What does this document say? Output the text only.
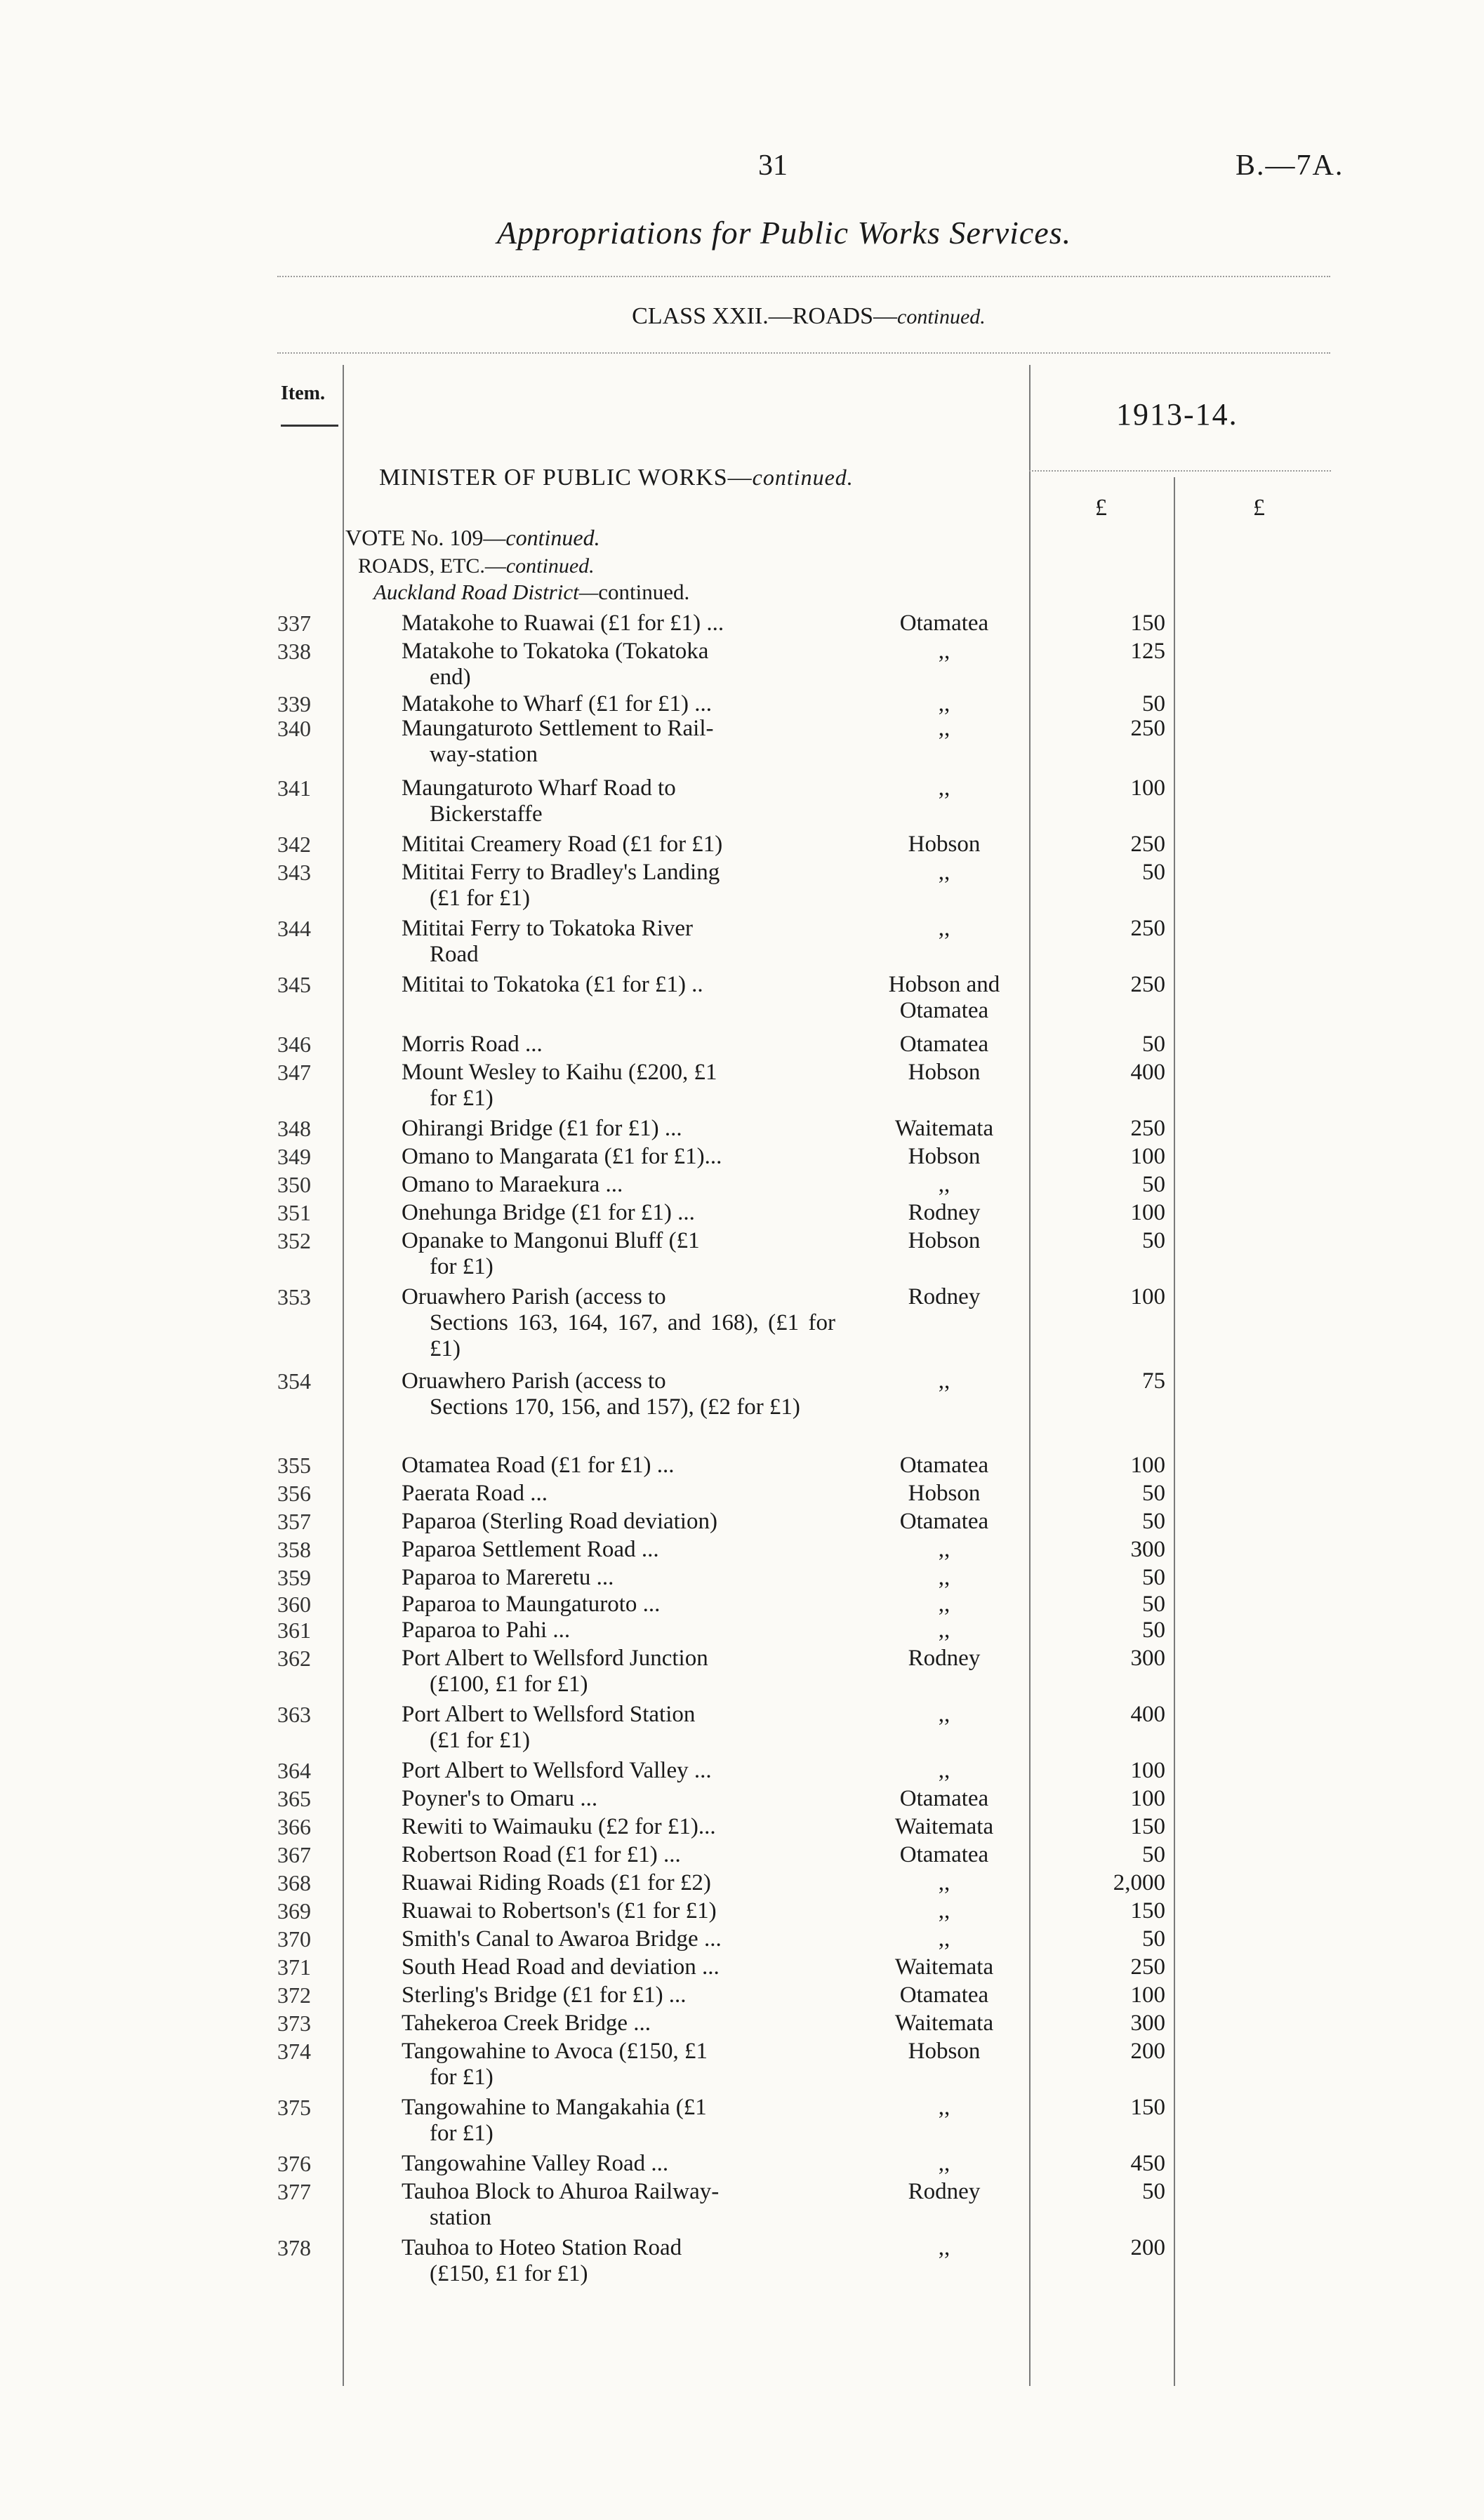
31	B.—7A.
Appropriations for Public Works Services.
CLASS XXII.—ROADS—continued.
Item.
1913-14.
£	£
MINISTER OF PUBLIC WORKS—continued.
VOTE No. 109—continued.
ROADS, ETC.—continued.
Auckland Road District—continued.
337	Matakohe to Ruawai (£1 for £1) ...	Otamatea	150
338	Matakohe to Tokatoka (Tokatoka
end)
,,	125
339	Matakohe to Wharf (£1 for £1) ...	,,	50
340	Maungaturoto Settlement to Rail-
way-station
,,	250
341	Maungaturoto Wharf Road to
Bickerstaffe
,,	100
342	Mititai Creamery Road (£1 for £1)	Hobson	250
343	Mititai Ferry to Bradley's Landing
(£1 for £1)
,,	50
344	Mititai Ferry to Tokatoka River
Road
,,	250
345	Mititai to Tokatoka (£1 for £1) ..	Hobson and Otamatea
250
346	Morris Road ...	Otamatea	50
347	Mount Wesley to Kaihu (£200, £1
for £1)
Hobson	400
348	Ohirangi Bridge (£1 for £1) ...	Waitemata	250
349	Omano to Mangarata (£1 for £1)...	Hobson	100
350	Omano to Maraekura ...	,,	50
351	Onehunga Bridge (£1 for £1) ...	Rodney	100
352	Opanake to Mangonui Bluff (£1
for £1)
Hobson	50
353	Oruawhero Parish (access to
Sections 163, 164, 167, and 168), (£1 for £1)
Rodney	100
354	Oruawhero Parish (access to
Sections 170, 156, and 157), (£2 for £1)
,,	75
355	Otamatea Road (£1 for £1) ...	Otamatea	100
356	Paerata Road ...	Hobson	50
357	Paparoa (Sterling Road deviation)	Otamatea	50
358	Paparoa Settlement Road ...	,,	300
359	Paparoa to Mareretu ...	,,	50
360	Paparoa to Maungaturoto ...	,,	50
361	Paparoa to Pahi ...	,,	50
362	Port Albert to Wellsford Junction
(£100, £1 for £1)
Rodney	300
363	Port Albert to Wellsford Station
(£1 for £1)
,,	400
364	Port Albert to Wellsford Valley ...	,,	100
365	Poyner's to Omaru ...	Otamatea	100
366	Rewiti to Waimauku (£2 for £1)...	Waitemata	150
367	Robertson Road (£1 for £1) ...	Otamatea	50
368	Ruawai Riding Roads (£1 for £2)	,,	2,000
369	Ruawai to Robertson's (£1 for £1)	,,	150
370	Smith's Canal to Awaroa Bridge ...	,,	50
371	South Head Road and deviation ...	Waitemata	250
372	Sterling's Bridge (£1 for £1) ...	Otamatea	100
373	Tahekeroa Creek Bridge ...	Waitemata	300
374	Tangowahine to Avoca (£150, £1
for £1)
Hobson	200
375	Tangowahine to Mangakahia (£1
for £1)
,,	150
376	Tangowahine Valley Road ...	,,	450
377	Tauhoa Block to Ahuroa Railway-
station
Rodney	50
378	Tauhoa to Hoteo Station Road
(£150, £1 for £1)
,,	200
